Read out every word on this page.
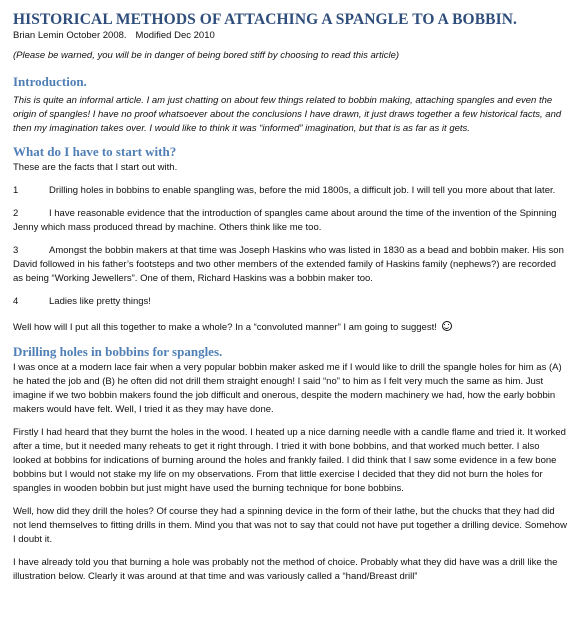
HISTORICAL METHODS OF ATTACHING A SPANGLE TO A BOBBIN.
Brian Lemin October 2008. Modified Dec 2010
(Please be warned, you will be in danger of being bored stiff by choosing to read this article)
Introduction.
This is quite an informal article. I am just chatting on about few things related to bobbin making, attaching spangles and even the origin of spangles! I have no proof whatsoever about the conclusions I have drawn, it just draws together a few historical facts, and then my imagination takes over. I would like to think it was “informed” imagination, but that is as far as it gets.
What do I have to start with?
These are the facts that I start out with.
1	Drilling holes in bobbins to enable spangling was, before the mid 1800s, a difficult job. I will tell you more about that later.
2	I have reasonable evidence that the introduction of spangles came about around the time of the invention of the Spinning Jenny which mass produced thread by machine. Others think like me too.
3	Amongst the bobbin makers at that time was Joseph Haskins who was listed in 1830 as a bead and bobbin maker. His son David followed in his father’s footsteps and two other members of the extended family of Haskins family (nephews?) are recorded as being “Working Jewellers”. One of them, Richard Haskins was a bobbin maker too.
4	Ladies like pretty things!
Well how will I put all this together to make a whole? In a “convoluted manner” I am going to suggest!
Drilling holes in bobbins for spangles.
I was once at a modern lace fair when a very popular bobbin maker asked me if I would like to drill the spangle holes for him as (A) he hated the job and (B) he often did not drill them straight enough! I said “no” to him as I felt very much the same as him. Just imagine if we two bobbin makers found the job difficult and onerous, despite the modern machinery we had, how the early bobbin makers would have felt. Well, I tried it as they may have done.
Firstly I had heard that they burnt the holes in the wood. I heated up a nice darning needle with a candle flame and tried it. It worked after a time, but it needed many reheats to get it right through. I tried it with bone bobbins, and that worked much better. I also looked at bobbins for indications of burning around the holes and frankly failed. I did think that I saw some evidence in a few bone bobbins but I would not stake my life on my observations. From that little exercise I decided that they did not burn the holes for spangles in wooden bobbin but just might have used the burning technique for bone bobbins.
Well, how did they drill the holes? Of course they had a spinning device in the form of their lathe, but the chucks that they had did not lend themselves to fitting drills in them. Mind you that was not to say that could not have put together a drilling device. Somehow I doubt it.
I have already told you that burning a hole was probably not the method of choice. Probably what they did have was a drill like the illustration below. Clearly it was around at that time and was variously called a “hand/Breast drill”
